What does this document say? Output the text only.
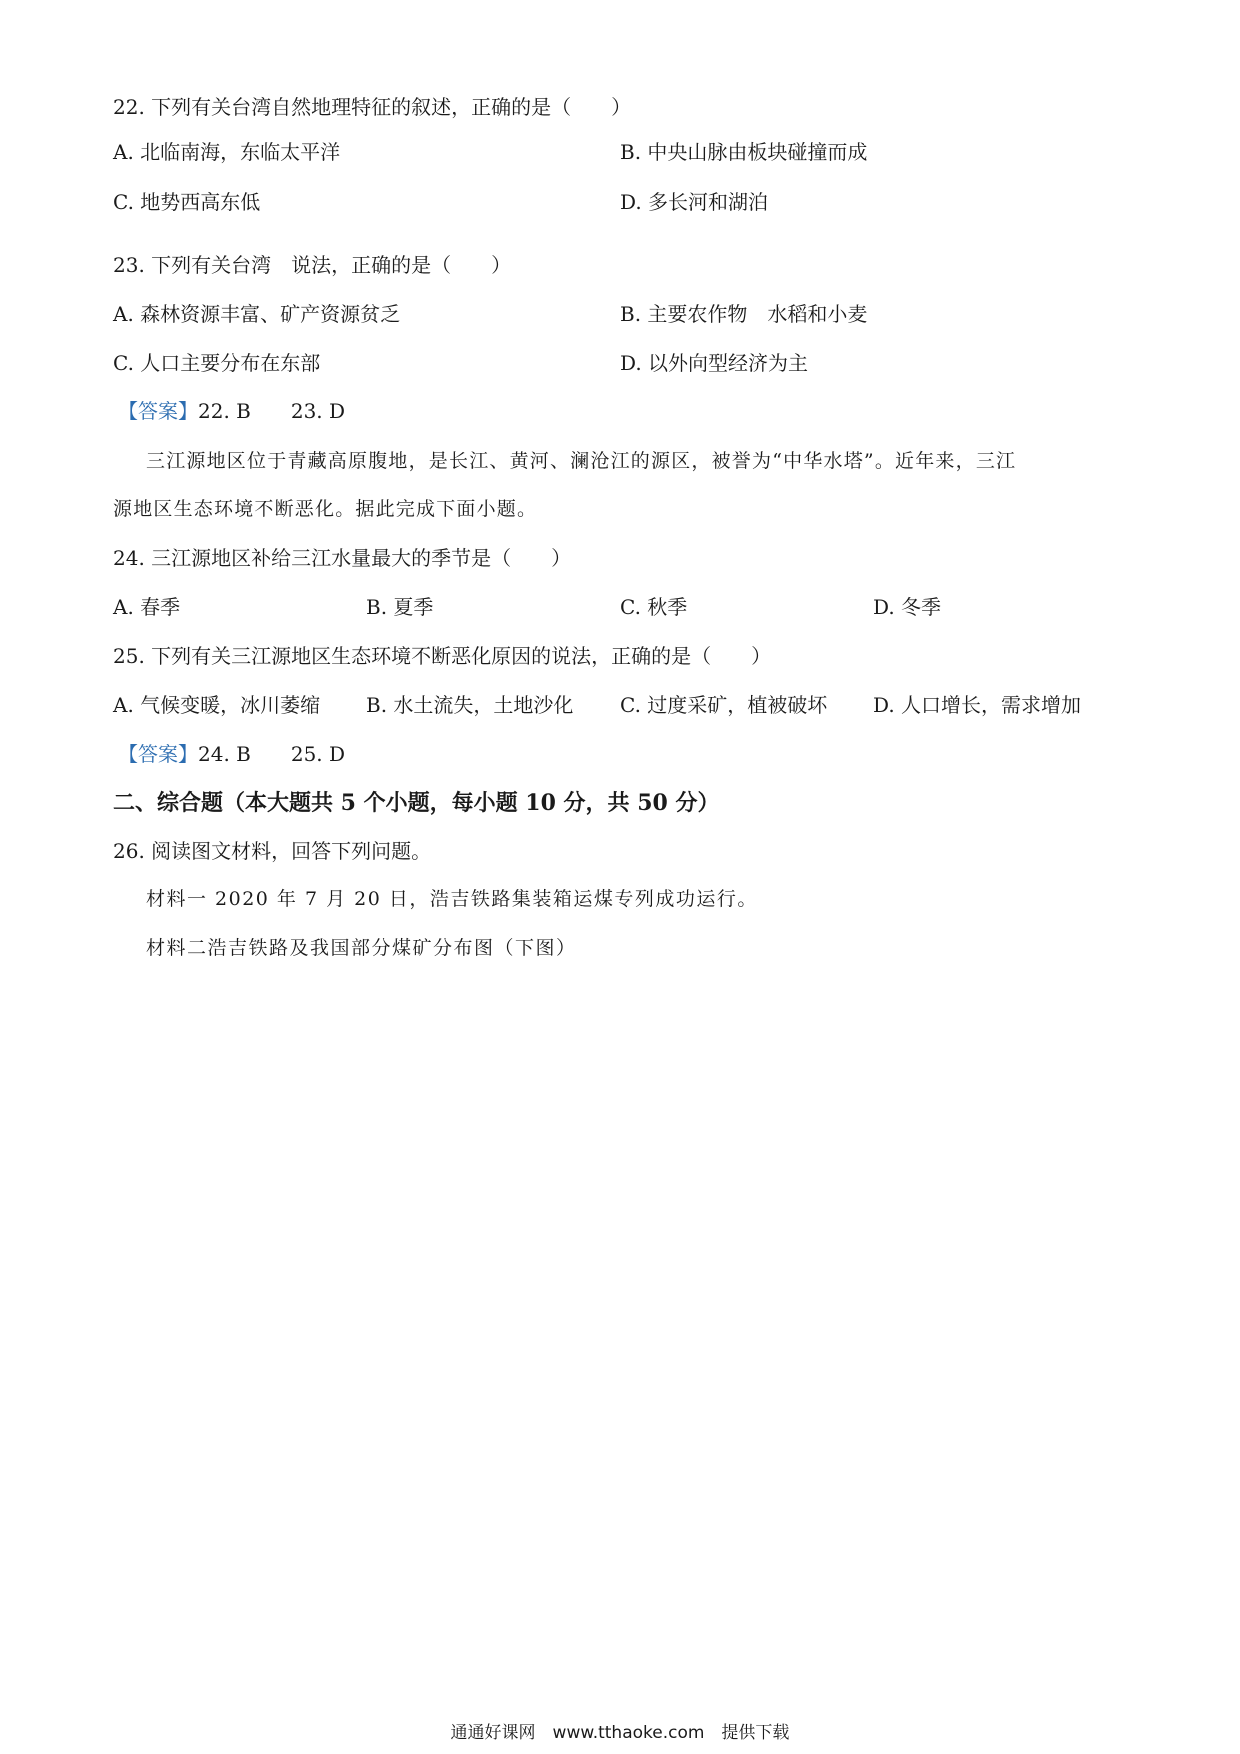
22. 下列有关台湾自然地理特征的叙述，正确的是（　　）
A. 北临南海，东临太平洋	B. 中央山脉由板块碰撞而成
C. 地势西高东低	D. 多长河和湖泊
23. 下列有关台湾　说法，正确的是（　　）
A. 森林资源丰富、矿产资源贫乏	B. 主要农作物　水稻和小麦
C. 人口主要分布在东部	D. 以外向型经济为主
【答案】22. B　　23. D
三江源地区位于青藏高原腹地，是长江、黄河、澜沧江的源区，被誉为“中华水塔”。近年来，三江
源地区生态环境不断恶化。据此完成下面小题。
24. 三江源地区补给三江水量最大的季节是（　　）
A. 春季	B. 夏季	C. 秋季	D. 冬季
25. 下列有关三江源地区生态环境不断恶化原因的说法，正确的是（　　）
A. 气候变暖，冰川萎缩 B. 水土流失，土地沙化 C. 过度采矿，植被破坏 D. 人口增长，需求增加
【答案】24. B　　25. D
二、综合题（本大题共 5 个小题，每小题 10 分，共 50 分）
26. 阅读图文材料，回答下列问题。
材料一 2020 年 7 月 20 日，浩吉铁路集装箱运煤专列成功运行。
材料二浩吉铁路及我国部分煤矿分布图（下图）
通通好课网　www.tthaoke.com　提供下载
